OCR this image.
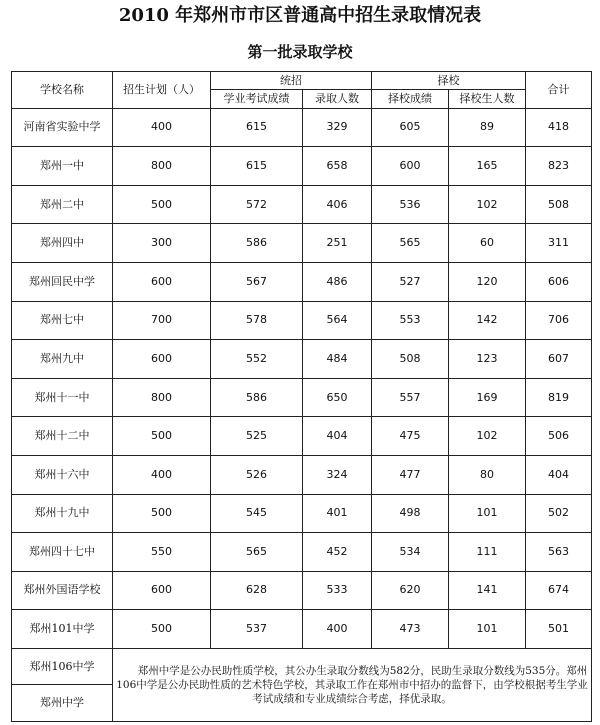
2010 年郑州市市区普通高中招生录取情况表
第一批录取学校
学校名称	招生计划（人）	统招		择校		合计
		学业考试成绩	录取人数	择校成绩	择校生人数	
河南省实验中学	400	615	329	605	89	418
郑州一中	800	615	658	600	165	823
郑州二中	500	572	406	536	102	508
郑州四中	300	586	251	565	60	311
郑州回民中学	600	567	486	527	120	606
郑州七中	700	578	564	553	142	706
郑州九中	600	552	484	508	123	607
郑州十一中	800	586	650	557	169	819
郑州十二中	500	525	404	475	102	506
郑州十六中	400	526	324	477	80	404
郑州十九中	500	545	401	498	101	502
郑州四十七中	550	565	452	534	111	563
郑州外国语学校	600	628	533	620	141	674
郑州101中学	500	537	400	473	101	501
郑州106中学	郑州中学是公办民助性质学校，其公办生录取分数线为582分，民助生录取分数线为535分。郑州106中学是公办民助性质的艺术特色学校，其录取工作在郑州市中招办的监督下，由学校根据考生学业考试成绩和专业成绩综合考虑，择优录取。					
郑州中学						
